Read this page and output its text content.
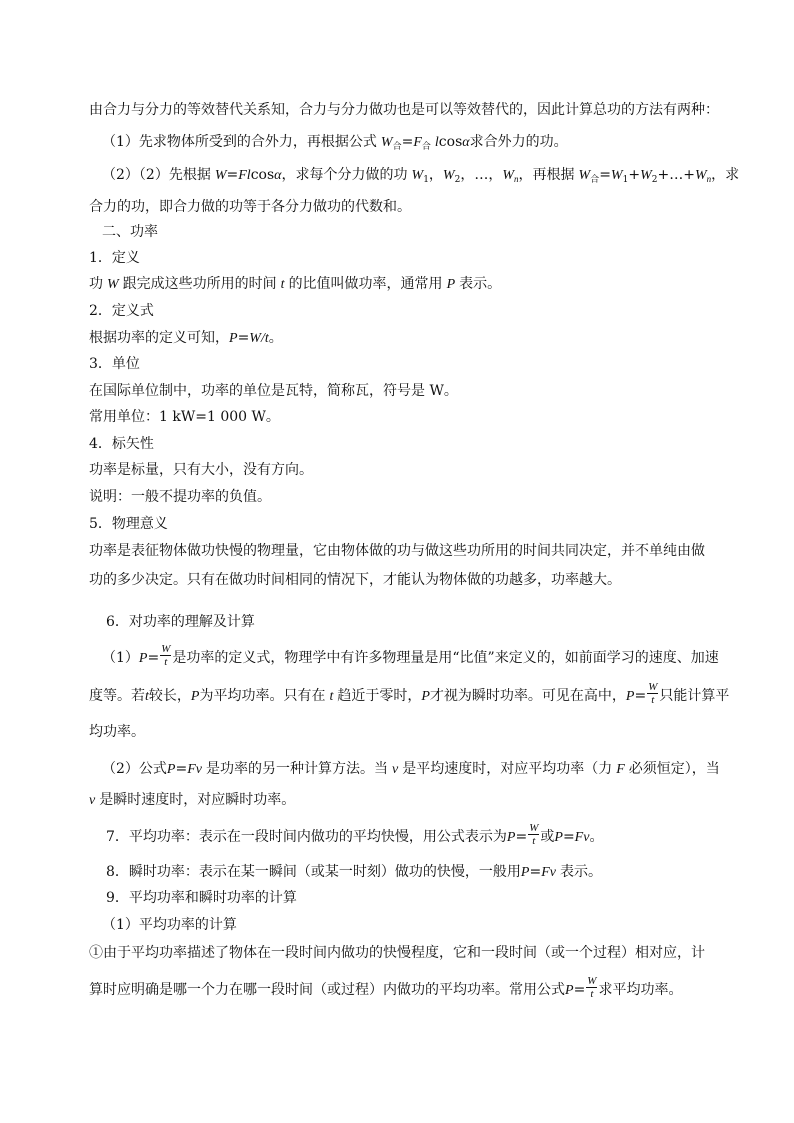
由合力与分力的等效替代关系知，合力与分力做功也是可以等效替代的，因此计算总功的方法有两种：
（1）先求物体所受到的合外力，再根据公式 $W_合=F_合$ lcosα求合外力的功。
（2）（2）先根据 W=Flcosα，求每个分力做的功 $W_1$，$W_2$，…，$W_n$，再根据 $W_合=W_1+W_2+\dots+W_n$，求
合力的功，即合力做的功等于各分力做功的代数和。
二、功率
1．定义
功 W 跟完成这些功所用的时间 t 的比值叫做功率，通常用 P 表示。
2．定义式
根据功率的定义可知，P=W/t。
3．单位
在国际单位制中，功率的单位是瓦特，简称瓦，符号是 W。
常用单位：1 kW=1 000 W。
4．标矢性
功率是标量，只有大小，没有方向。
说明：一般不提功率的负值。
5．物理意义
功率是表征物体做功快慢的物理量，它由物体做的功与做这些功所用的时间共同决定，并不单纯由做
功的多少决定。只有在做功时间相同的情况下，才能认为物体做的功越多，功率越大。
6．对功率的理解及计算
$(1)P= \frac{W}{t}$ 是功率的定义式，物理学中有许多物理量是用“比值”来定义的，如前面学习的速度、加速
度等。若t较长，P为平均功率。只有在 t 趋近于零时，P才视为瞬时功率。可见在高中，$P= \frac{W}{t}$ 只能计算平
均功率。
（2）公式P=Fv 是功率的另一种计算方法。当 v 是平均速度时，对应平均功率（力 F 必须恒定），当
v 是瞬时速度时，对应瞬时功率。
7．平均功率：表示在一段时间内做功的平均快慢，用公式表示为$P= \frac{W}{t}$ 或P=Fv。
8．瞬时功率：表示在某一瞬间（或某一时刻）做功的快慢，一般用P=Fv 表示。
9．平均功率和瞬时功率的计算
（1）平均功率的计算
①由于平均功率描述了物体在一段时间内做功的快慢程度，它和一段时间（或一个过程）相对应，计
算时应明确是哪一个力在哪一段时间（或过程）内做功的平均功率。常用公式$P= \frac{W}{t}$ 求平均功率。
